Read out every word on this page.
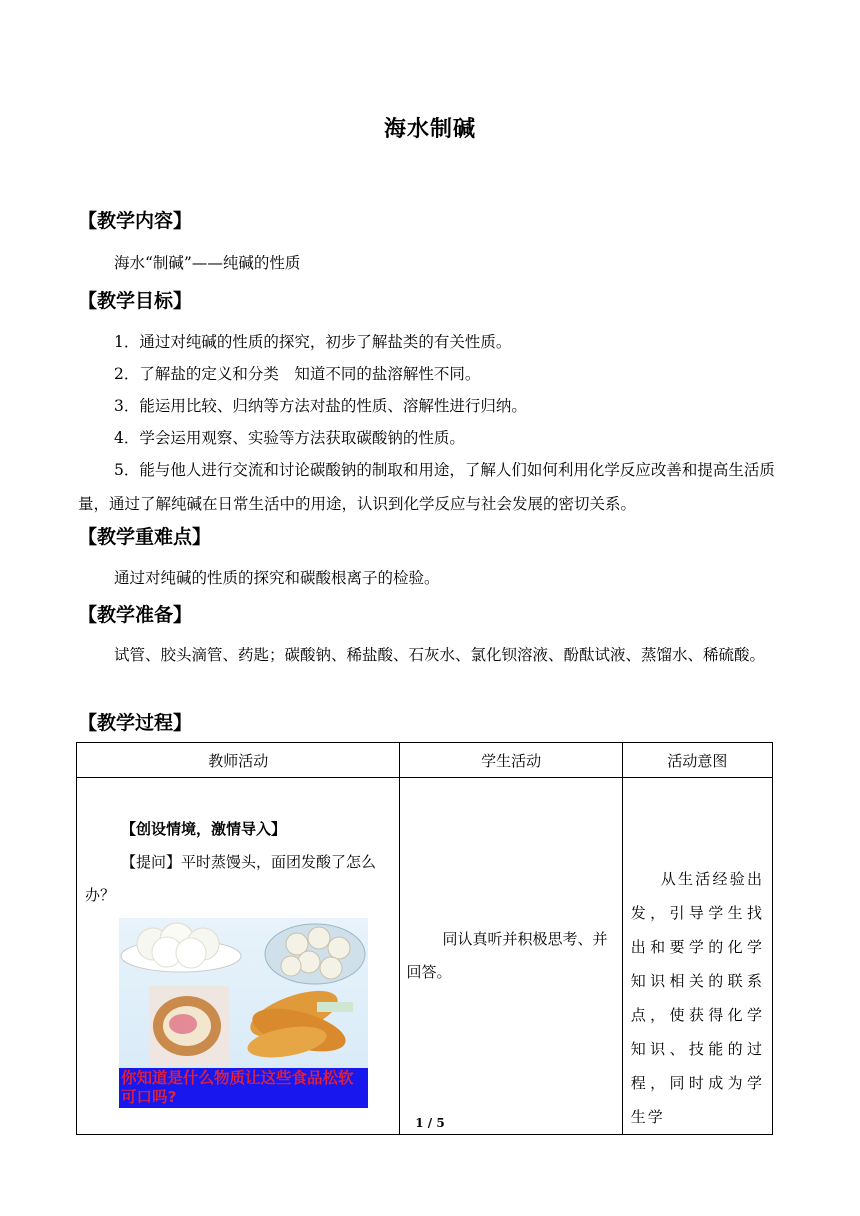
海水制碱
【教学内容】
海水“制碱”——纯碱的性质
【教学目标】
1．通过对纯碱的性质的探究，初步了解盐类的有关性质。
2．了解盐的定义和分类　知道不同的盐溶解性不同。
3．能运用比较、归纳等方法对盐的性质、溶解性进行归纳。
4．学会运用观察、实验等方法获取碳酸钠的性质。
5．能与他人进行交流和讨论碳酸钠的制取和用途，了解人们如何利用化学反应改善和提高生活质量，通过了解纯碱在日常生活中的用途，认识到化学反应与社会发展的密切关系。
【教学重难点】
通过对纯碱的性质的探究和碳酸根离子的检验。
【教学准备】
试管、胶头滴管、药匙；碳酸钠、稀盐酸、石灰水、氯化钡溶液、酚酞试液、蒸馏水、稀硫酸。
【教学过程】
教师活动	学生活动	活动意图

【创设情境，激情导入】
【提问】平时蒸馒头，面团发酸了怎么办？
你知道是什么物质让这些食品松软可口吗?	同认真听并积极思考、并回答。	从生活经验出发，引导学生找出和要学的化学知识相关的联系点，使获得化学知识、技能的过程，同时成为学生学
1 / 5
